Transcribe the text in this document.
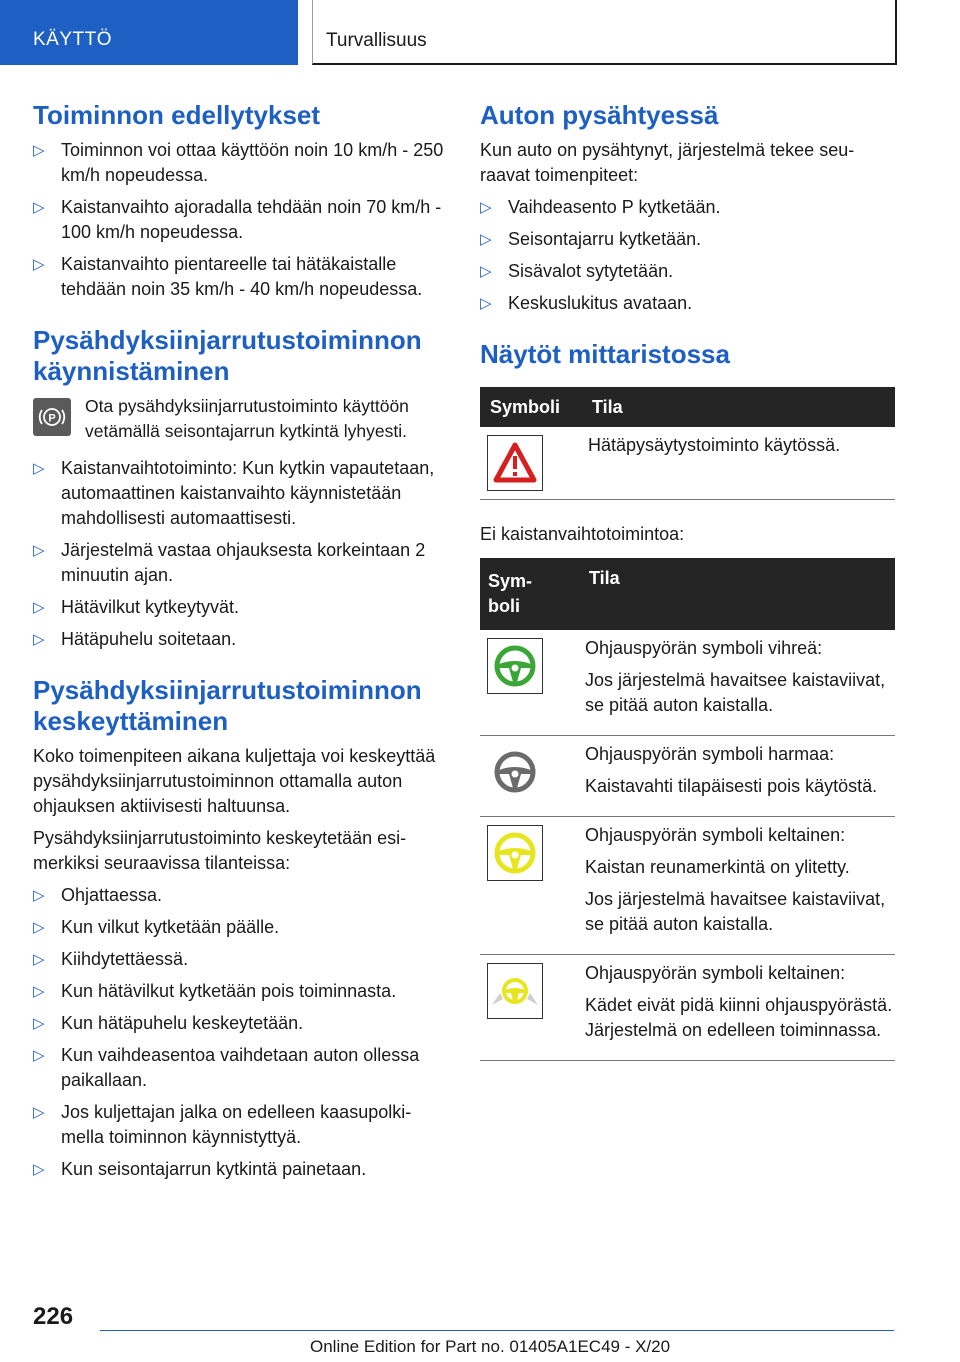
KÄYTTÖ	Turvallisuus
Toiminnon edellytykset
▷ Toiminnon voi ottaa käyttöön noin 10 km/h - 250 km/h nopeudessa.
▷ Kaistanvaihto ajoradalla tehdään noin 70 km/h - 100 km/h nopeudessa.
▷ Kaistanvaihto pientareelle tai hätäkaistalle tehdään noin 35 km/h - 40 km/h nopeudessa.
Pysähdyksiinjarrutustoiminnon käynnistäminen
P
Ota pysähdyksiinjarrutustoiminto käyttöön vetämällä seisontajarrun kytkintä lyhyesti.
▷ Kaistanvaihtotoiminto: Kun kytkin vapautetaan, automaattinen kaistanvaihto käynnistetään mahdollisesti automaattisesti.
▷ Järjestelmä vastaa ohjauksesta korkeintaan 2 minuutin ajan.
▷ Hätävilkut kytkeytyvät.
▷ Hätäpuhelu soitetaan.
Pysähdyksiinjarrutustoiminnon keskeyttäminen

Koko toimenpiteen aikana kuljettaja voi keskeyttää pysähdyksiinjarrutustoiminnon ottamalla auton ohjauksen aktiivisesti haltuunsa.

Pysähdyksiinjarrutustoiminto keskeytetään esimerkiksi seuraavissa tilanteissa:

▷ Ohjattaessa.
▷ Kun vilkut kytketään päälle.
▷ Kiihdytettäessä.
▷ Kun hätävilkut kytketään pois toiminnasta.
▷ Kun hätäpuhelu keskeytetään.
▷ Kun vaihdeasentoa vaihdetaan auton ollessa paikallaan.
▷ Jos kuljettajan jalka on edelleen kaasupolkimella toiminnon käynnistyttyä.
▷ Kun seisontajarrun kytkintä painetaan.
Auton pysähtyessä

Kun auto on pysähtynyt, järjestelmä tekee seuraavat toimenpiteet:

▷ Vaihdeasento P kytketään.
▷ Seisontajarru kytketään.
▷ Sisävalot sytytetään.
▷ Keskuslukitus avataan.
Näytöt mittaristossa
Symboli	Tila

Hätäpysäytystoiminto käytössä.

Ei kaistanvaihtotoimintoa:

Sym-
boli	Tila

Ohjauspyörän symboli vihreä:
Jos järjestelmä havaitsee kaistaviivat, se pitää auton kaistalla.

Ohjauspyörän symboli harmaa:
Kaistavahti tilapäisesti pois käytöstä.

Ohjauspyörän symboli keltainen:
Kaistan reunamerkintä on ylitetty.
Jos järjestelmä havaitsee kaistaviivat, se pitää auton kaistalla.

Ohjauspyörän symboli keltainen:
Kädet eivät pidä kiinni ohjauspyörästä. Järjestelmä on edelleen toiminnassa.
226
Online Edition for Part no. 01405A1EC49 - X/20
